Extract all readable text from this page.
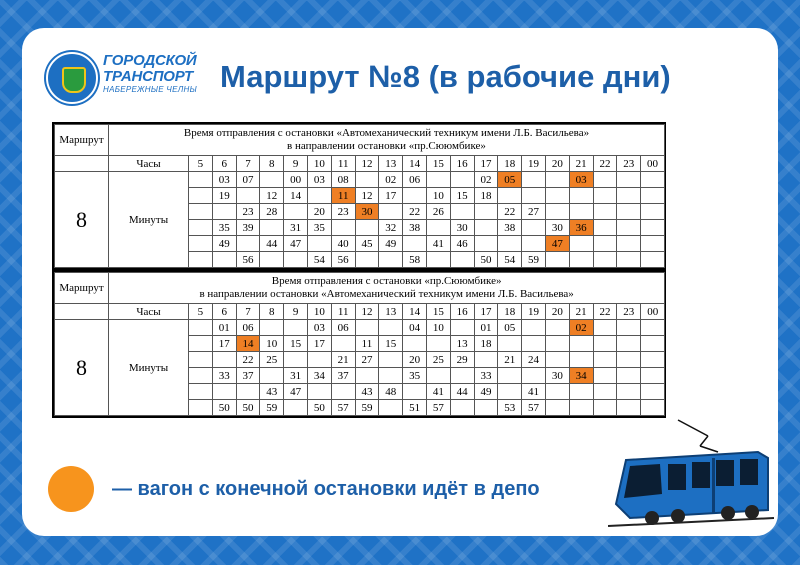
ГОРОДСКОЙ
ТРАНСПОРТ
НАБЕРЕЖНЫЕ ЧЕЛНЫ Маршрут №8 (в рабочие дни)
Маршрут	Время отправления с остановки «Автомеханический техникум имени Л.Б. Васильева»
в направлении остановки «пр.Сююмбике»																				

	Часы	5	6	7	8	9	10	11	12	13	14	15	16	17	18	19	20	21	22	23	00
8	Минуты		03	07		00	03	08		02	06			02	05			03			
			19		12	14		11	12	17		10	15	18							
				23	28		20	23	30		22	26			22	27					
			35	39		31	35			32	38		30		38		30	36			
			49		44	47		40	45	49		41	46				47				
				56			54	56			58			50	54	59					
Маршрут	Время отправления с остановки «пр.Сююмбике»
в направлении остановки «Автомеханический техникум имени Л.Б. Васильева»																				

	Часы	5	6	7	8	9	10	11	12	13	14	15	16	17	18	19	20	21	22	23	00
8	Минуты		01	06			03	06			04	10		01	05			02			
			17	14	10	15	17		11	15			13	18							
				22	25			21	27		20	25	29		21	24					
			33	37		31	34	37			35			33			30	34			
					43	47			43	48		41	44	49		41					
			50	50	59		50	57	59		51	57			53	57					
— вагон с конечной остановки идёт в депо
